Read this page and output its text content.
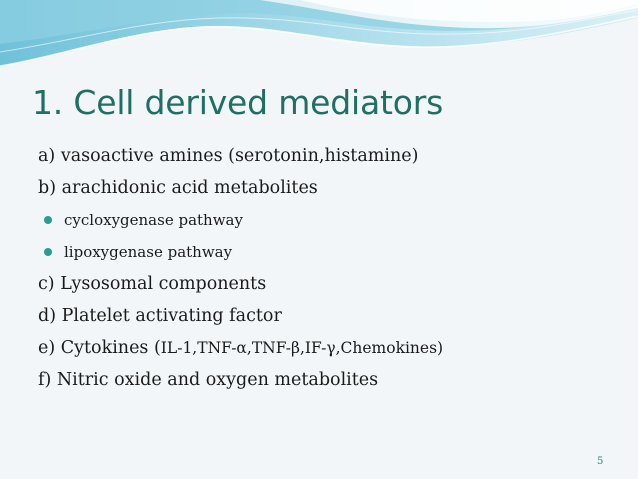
1. Cell derived mediators
a) vasoactive amines (serotonin,histamine)
b) arachidonic acid metabolites
cycloxygenase pathway
lipoxygenase pathway
c) Lysosomal components
d) Platelet activating factor
e) Cytokines (IL-1,TNF-α,TNF-β,IF-γ,Chemokines)
f) Nitric oxide and oxygen metabolites
5
